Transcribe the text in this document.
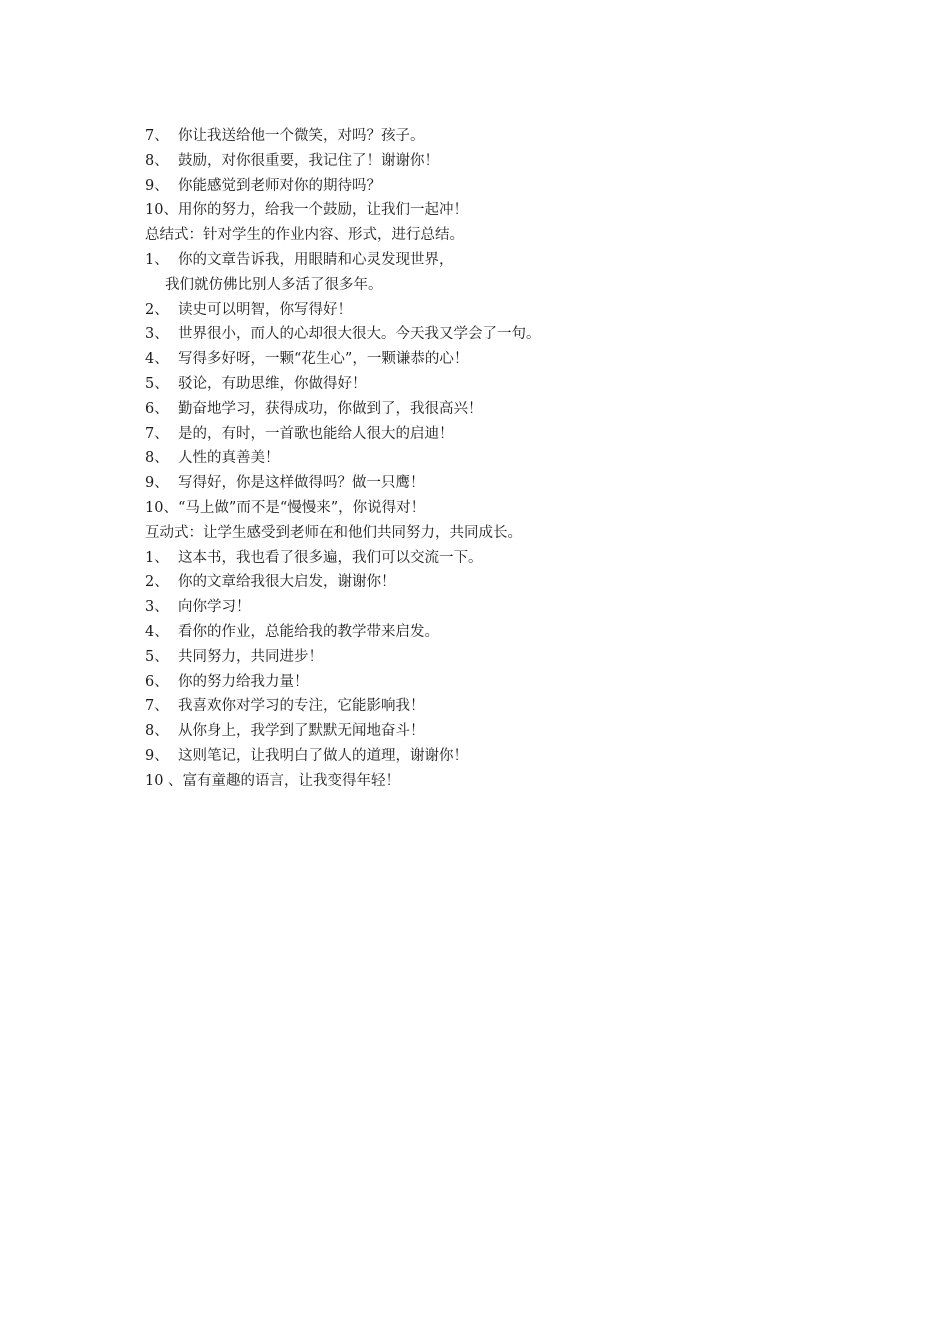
7、 你让我送给他一个微笑，对吗？孩子。
8、 鼓励，对你很重要，我记住了！谢谢你！
9、 你能感觉到老师对你的期待吗？
10、 用你的努力，给我一个鼓励，让我们一起冲！
总结式：针对学生的作业内容、形式，进行总结。
1、 你的文章告诉我，用眼睛和心灵发现世界，
我们就仿佛比别人多活了很多年。
2、 读史可以明智，你写得好！
3、 世界很小，而人的心却很大很大。今天我又学会了一句。
4、 写得多好呀，一颗“花生心”，一颗谦恭的心！
5、 驳论，有助思维，你做得好！
6、 勤奋地学习，获得成功，你做到了，我很高兴！
7、 是的，有时，一首歌也能给人很大的启迪！
8、 人性的真善美！
9、 写得好，你是这样做得吗？做一只鹰！
10、 “马上做”而不是“慢慢来”，你说得对！
互动式：让学生感受到老师在和他们共同努力，共同成长。
1、 这本书，我也看了很多遍，我们可以交流一下。
2、 你的文章给我很大启发，谢谢你！
3、 向你学习！
4、 看你的作业，总能给我的教学带来启发。
5、 共同努力，共同进步！
6、 你的努力给我力量！
7、 我喜欢你对学习的专注，它能影响我！
8、 从你身上，我学到了默默无闻地奋斗！
9、 这则笔记，让我明白了做人的道理，谢谢你！
10 、 富有童趣的语言，让我变得年轻！
